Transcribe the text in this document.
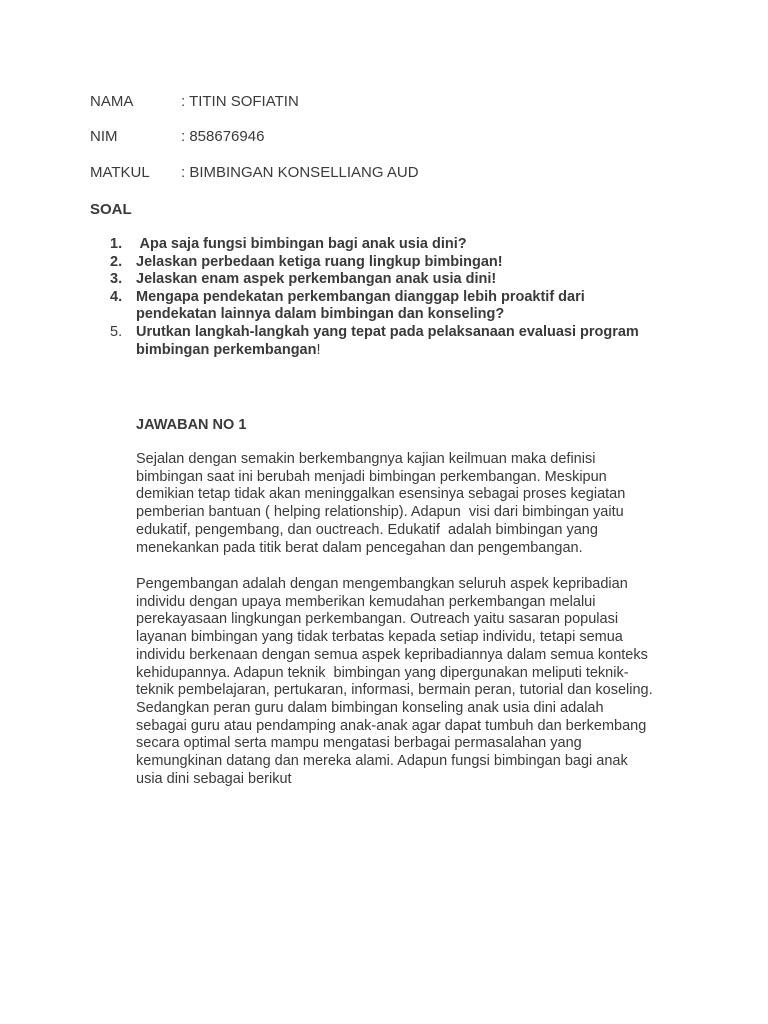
NAMA	: TITIN SOFIATIN
NIM	: 858676946
MATKUL : BIMBINGAN KONSELLIANG AUD
SOAL
1. Apa saja fungsi bimbingan bagi anak usia dini?
2. Jelaskan perbedaan ketiga ruang lingkup bimbingan!
3. Jelaskan enam aspek perkembangan anak usia dini!
4. Mengapa pendekatan perkembangan dianggap lebih proaktif dari
pendekatan lainnya dalam bimbingan dan konseling?
5. Urutkan langkah-langkah yang tepat pada pelaksanaan evaluasi program
bimbingan perkembangan!
JAWABAN NO 1

Sejalan dengan semakin berkembangnya kajian keilmuan maka definisi
bimbingan saat ini berubah menjadi bimbingan perkembangan. Meskipun
demikian tetap tidak akan meninggalkan esensinya sebagai proses kegiatan
pemberian bantuan ( helping relationship). Adapun  visi dari bimbingan yaitu
edukatif, pengembang, dan ouctreach. Edukatif  adalah bimbingan yang
menekankan pada titik berat dalam pencegahan dan pengembangan.

Pengembangan adalah dengan mengembangkan seluruh aspek kepribadian
individu dengan upaya memberikan kemudahan perkembangan melalui
perekayasaan lingkungan perkembangan. Outreach yaitu sasaran populasi
layanan bimbingan yang tidak terbatas kepada setiap individu, tetapi semua
individu berkenaan dengan semua aspek kepribadiannya dalam semua konteks
kehidupannya. Adapun teknik  bimbingan yang dipergunakan meliputi teknik-
teknik pembelajaran, pertukaran, informasi, bermain peran, tutorial dan koseling.
Sedangkan peran guru dalam bimbingan konseling anak usia dini adalah
sebagai guru atau pendamping anak-anak agar dapat tumbuh dan berkembang
secara optimal serta mampu mengatasi berbagai permasalahan yang
kemungkinan datang dan mereka alami. Adapun fungsi bimbingan bagi anak
usia dini sebagai berikut
